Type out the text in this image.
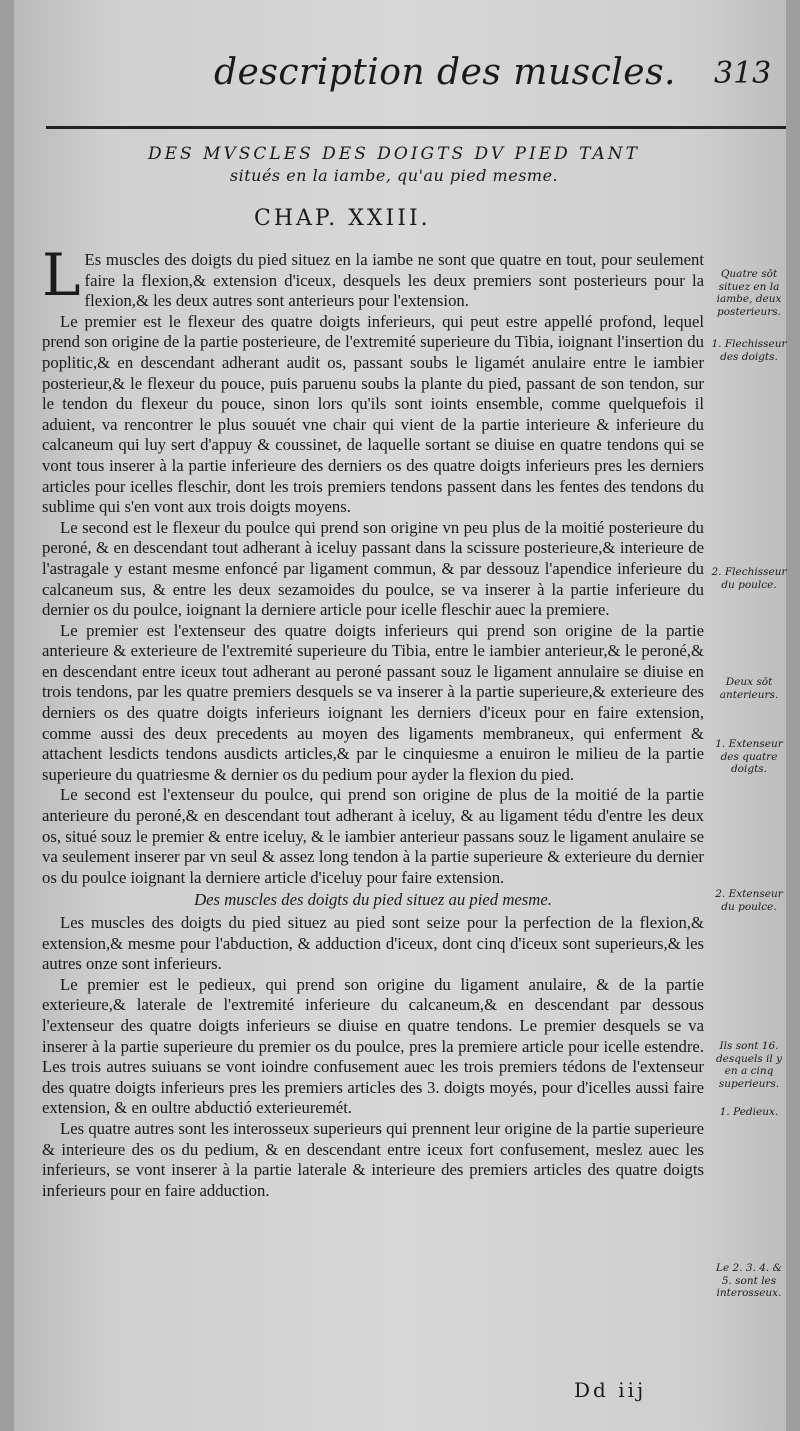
description des muscles. 313
DES MVSCLES DES DOIGTS DV PIED TANT
situés en la iambe, qu'au pied mesme.
CHAP. XXIII.

L Es muscles des doigts du pied situez en la iambe ne sont que quatre en tout, pour seulement faire la flexion,& extension d'iceux, desquels les deux premiers sont posterieurs pour la flexion,& les deux autres sont anterieurs pour l'extension.

Le premier est le flexeur des quatre doigts inferieurs, qui peut estre appellé profond, lequel prend son origine de la partie posterieure, de l'extremité superieure du Tibia, ioignant l'insertion du poplitic,& en descendant adherant audit os, passant soubs le ligamét anulaire entre le iambier posterieur,& le flexeur du pouce, puis paruenu soubs la plante du pied, passant de son tendon, sur le tendon du flexeur du pouce, sinon lors qu'ils sont ioints ensemble, comme quelquefois il aduient, va rencontrer le plus souuét vne chair qui vient de la partie interieure & inferieure du calcaneum qui luy sert d'appuy & coussinet, de laquelle sortant se diuise en quatre tendons qui se vont tous inserer à la partie inferieure des derniers os des quatre doigts inferieurs pres les derniers articles pour icelles fleschir, dont les trois premiers tendons passent dans les fentes des tendons du sublime qui s'en vont aux trois doigts moyens.

Le second est le flexeur du poulce qui prend son origine vn peu plus de la moitié posterieure du peroné, & en descendant tout adherant à iceluy passant dans la scissure posterieure,& interieure de l'astragale y estant mesme enfoncé par ligament commun, & par dessouz l'apendice inferieure du calcaneum sus, & entre les deux sezamoides du poulce, se va inserer à la partie inferieure du dernier os du poulce, ioignant la derniere article pour icelle fleschir auec la premiere.

Le premier est l'extenseur des quatre doigts inferieurs qui prend son origine de la partie anterieure & exterieure de l'extremité superieure du Tibia, entre le iambier anterieur,& le peroné,& en descendant entre iceux tout adherant au peroné passant souz le ligament annulaire se diuise en trois tendons, par les quatre premiers desquels se va inserer à la partie superieure,& exterieure des derniers os des quatre doigts inferieurs ioignant les derniers d'iceux pour en faire extension, comme aussi des deux precedents au moyen des ligaments membraneux, qui enferment & attachent lesdicts tendons ausdicts articles,& par le cinquiesme a enuiron le milieu de la partie superieure du quatriesme & dernier os du pedium pour ayder la flexion du pied.

Le second est l'extenseur du poulce, qui prend son origine de plus de la moitié de la partie anterieure du peroné,& en descendant tout adherant à iceluy, & au ligament tédu d'entre les deux os, situé souz le premier & entre iceluy, & le iambier anterieur passans souz le ligament anulaire se va seulement inserer par vn seul & assez long tendon à la partie superieure & exterieure du dernier os du poulce ioignant la derniere article d'iceluy pour faire extension.

Des muscles des doigts du pied situez au pied mesme.

Les muscles des doigts du pied situez au pied sont seize pour la perfection de la flexion,& extension,& mesme pour l'abduction, & adduction d'iceux, dont cinq d'iceux sont superieurs,& les autres onze sont inferieurs.

Le premier est le pedieux, qui prend son origine du ligament anulaire, & de la partie exterieure,& laterale de l'extremité inferieure du calcaneum,& en descendant par dessous l'extenseur des quatre doigts inferieurs se diuise en quatre tendons. Le premier desquels se va inserer à la partie superieure du premier os du poulce, pres la premiere article pour icelle estendre. Les trois autres suiuans se vont ioindre confusement auec les trois premiers tédons de l'extenseur des quatre doigts inferieurs pres les premiers articles des 3. doigts moyés, pour d'icelles aussi faire extension, & en oultre abductió exterieuremét.

Les quatre autres sont les interosseux superieurs qui prennent leur origine de la partie superieure & interieure des os du pedium, & en descendant entre iceux fort confusement, meslez auec les inferieurs, se vont inserer à la partie laterale & interieure des premiers articles des quatre doigts inferieurs pour en faire adduction.

Quatre sōt situez en la iambe, deux posterieurs.
1. Flechisseur des doigts.
2. Flechisseur du poulce.
Deux sōt anterieurs.
1. Extenseur des quatre doigts.
2. Extenseur du poulce.
Ils sont 16. desquels il y en a cinq superieurs.
1. Pedieux.
Le 2. 3. 4. & 5. sont les interosseux.
Dd iij
